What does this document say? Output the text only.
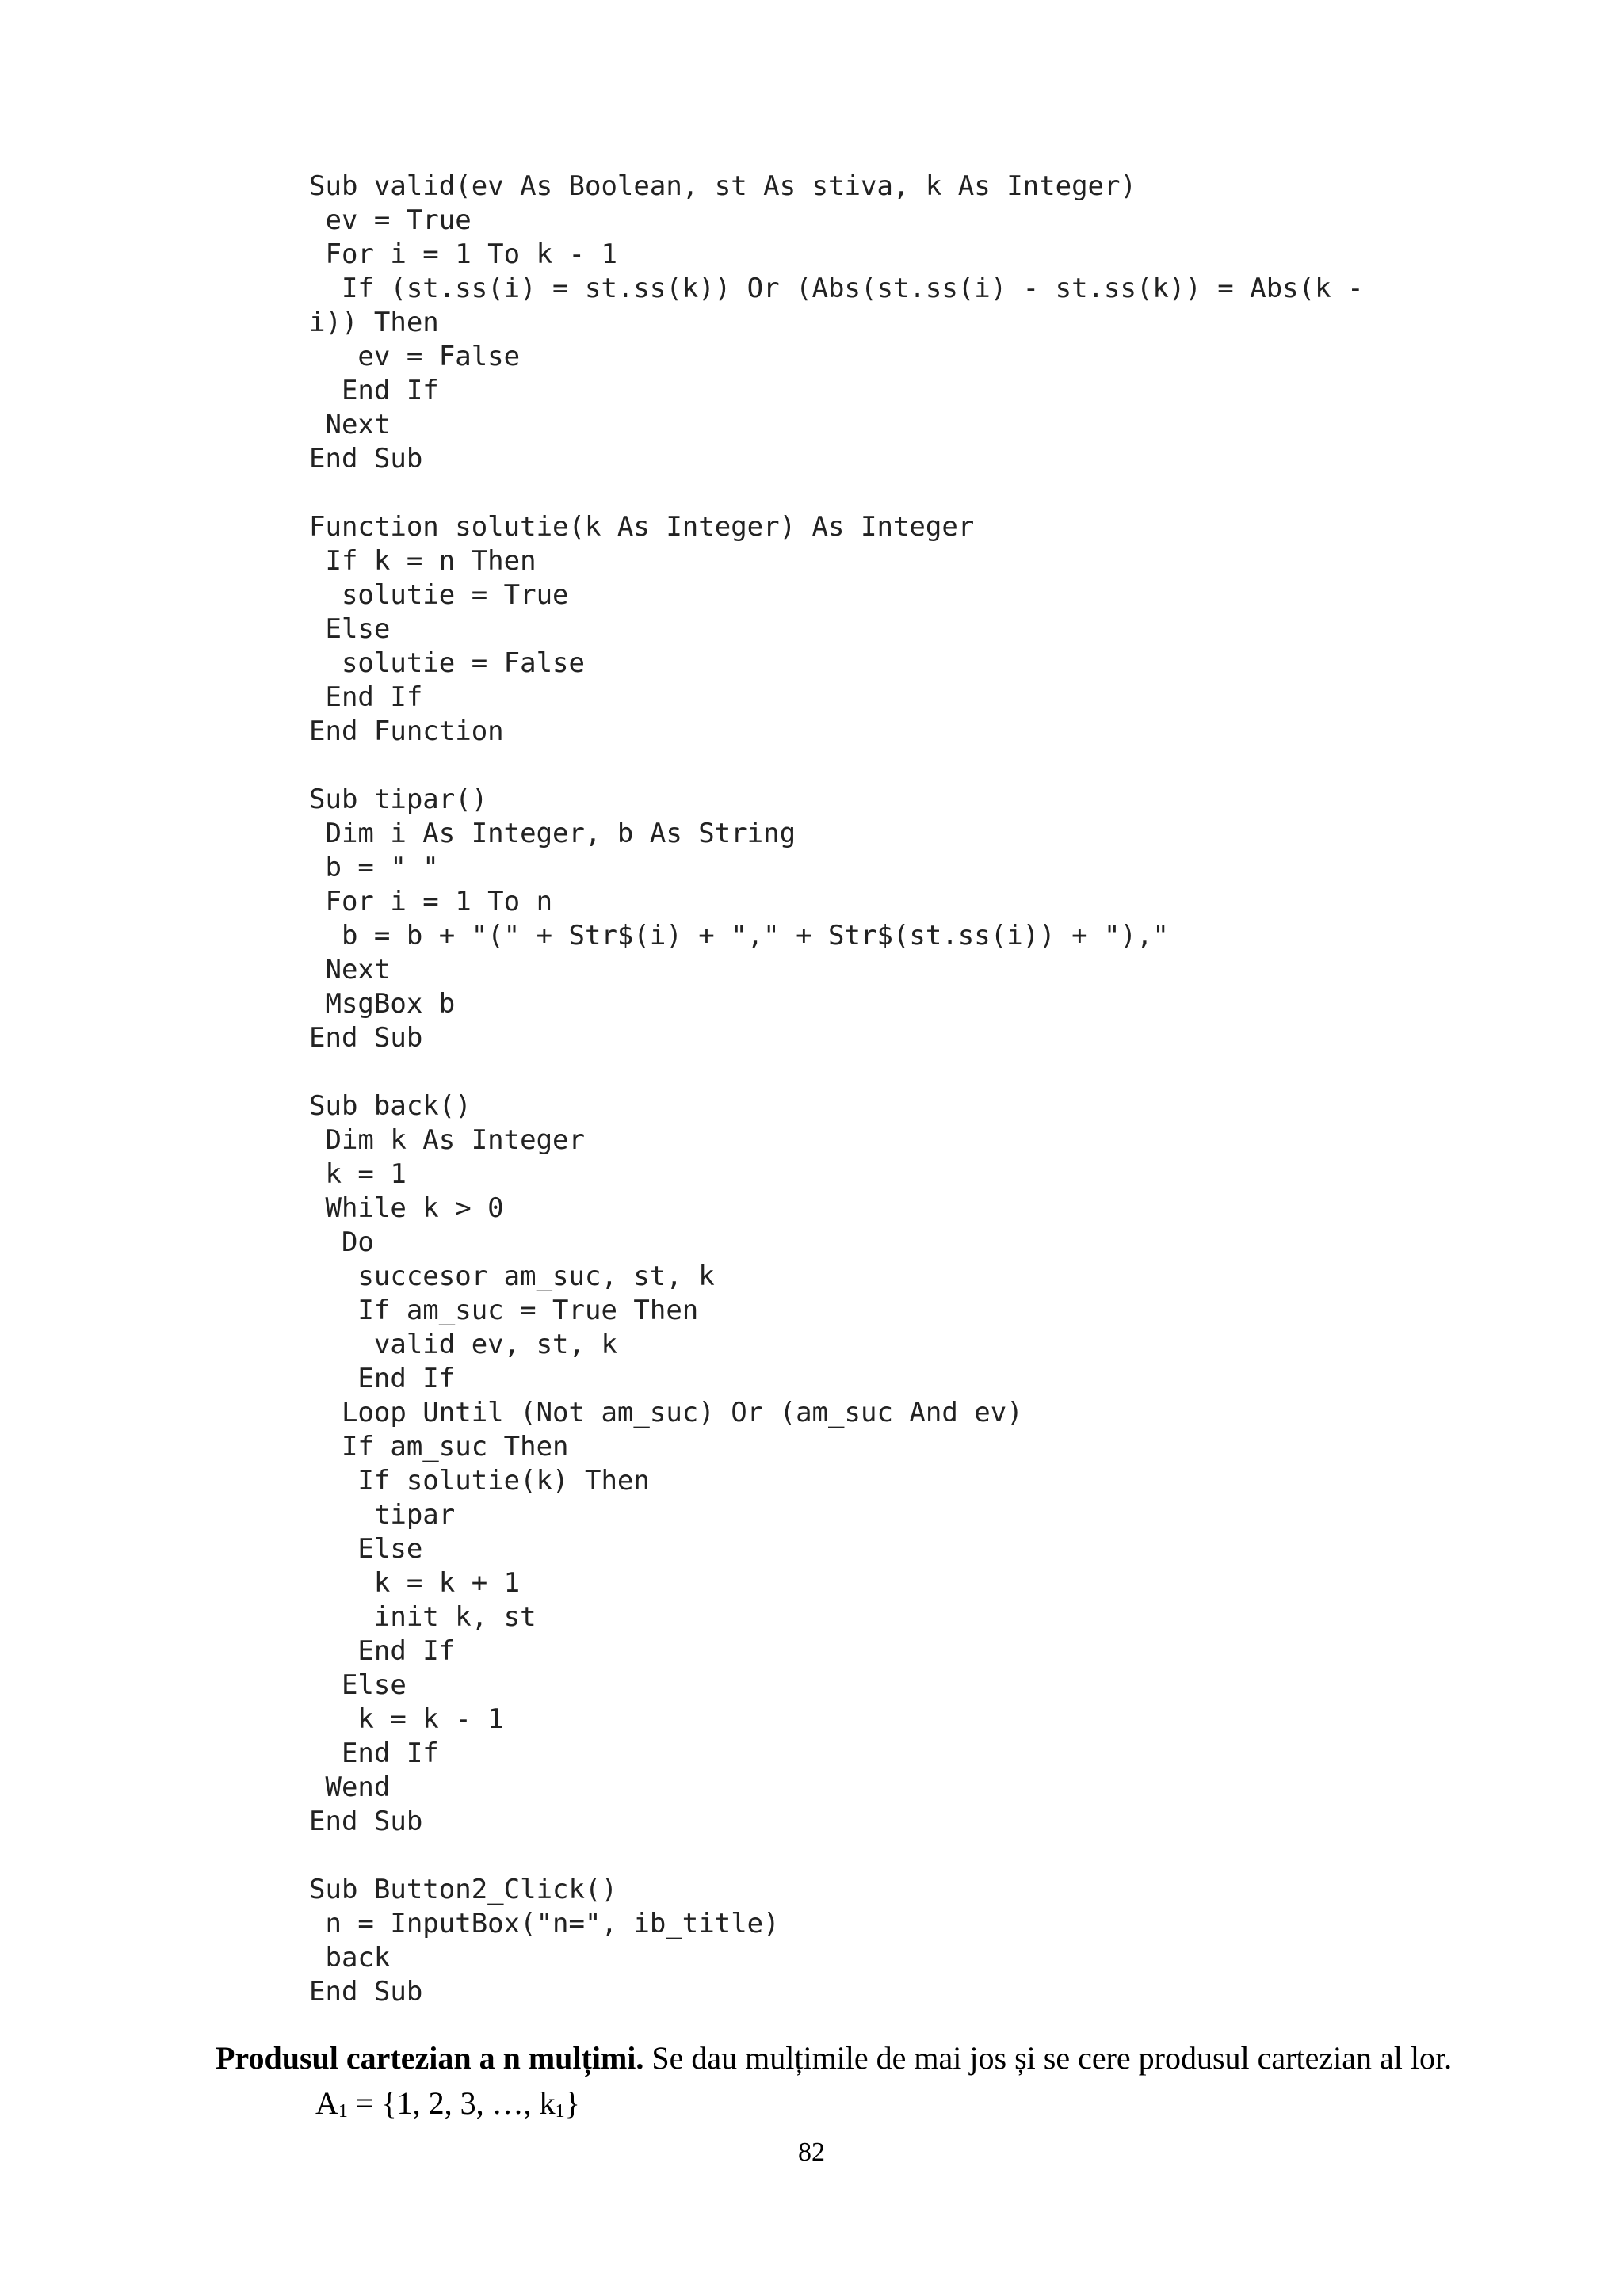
Sub valid(ev As Boolean, st As stiva, k As Integer)
ev = True
For i = 1 To k - 1
If (st.ss(i) = st.ss(k)) Or (Abs(st.ss(i) - st.ss(k)) = Abs(k -
i)) Then
ev = False
End If
Next
End Sub
Function solutie(k As Integer) As Integer
If k = n Then
solutie = True
Else
solutie = False
End If
End Function
Sub tipar()
Dim i As Integer, b As String
b = " "
For i = 1 To n
b = b + "(" + Str$(i) + "," + Str$(st.ss(i)) + "),"
Next
MsgBox b
End Sub
Sub back()
Dim k As Integer
k = 1
While k > 0
Do
succesor am_suc, st, k
If am_suc = True Then
valid ev, st, k
End If
Loop Until (Not am_suc) Or (am_suc And ev)
If am_suc Then
If solutie(k) Then
tipar
Else
k = k + 1
init k, st
End If
Else
k = k - 1
End If
Wend
End Sub
Sub Button2_Click()
n = InputBox("n=", ib_title)
back
End Sub
Produsul cartezian a n mulțimi. Se dau mulțimile de mai jos și se cere produsul cartezian al lor.
$A_1 = \{1$, 2, 3, …, $k_1$}
82
